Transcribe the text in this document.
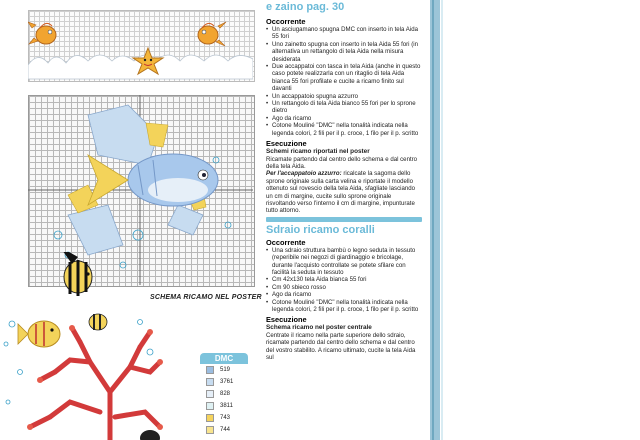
SCHEMA RICAMO NEL POSTER
DMC
519
3761
828
3811
743
744
e zaino pag. 30
Occorrente
• Un asciugamano spugna DMC con inserto in tela Aida 55 fori
• Uno zainetto spugna con inserto in tela Aida 55 fori (in alternativa un rettangolo di tela Aida nella misura desiderata
• Due accappatoi con tasca in tela Aida (anche in questo caso potete realizzarla con un ritaglio di tela Aida bianca 55 fori profilate e cucite a ricamo finito sul davanti
• Un accappatoio spugna azzurro
• Un rettangolo di tela Aida bianco 55 fori per lo sprone dietro
• Ago da ricamo
• Cotone Mouliné "DMC" nella tonalità indicata nella legenda colori, 2 fili per il p. croce, 1 filo per il p. scritto
Esecuzione

Schemi ricamo riportati nel poster

Ricamate partendo dal centro dello schema e dal centro della tela Aida.

Per l'accappatoio azzurro: ricalcate la sagoma dello sprone originale sulla carta velina e riportate il modello ottenuto sul rovescio della tela Aida, sfagliate lasciando un cm di margine, cucite sullo sprone originale risvoltando verso l'interno il cm di margine, impunturate tutto attorno.

Sdraio ricamo coralli
Occorrente
• Una sdraio struttura bambù o legno seduta in tessuto (reperibile nei negozi di giardinaggio e bricolage, durante l'acquisto controllate se potete sfilare con facilità la seduta in tessuto
• Cm 42x130 tela Aida bianca 55 fori
• Cm 90 sbieco rosso
• Ago da ricamo
• Cotone Mouliné "DMC" nella tonalità indicata nella legenda colori, 2 fili per il p. croce, 1 filo per il p. scritto
Esecuzione

Schema ricamo nel poster centrale

Centrate il ricamo nella parte superiore dello sdraio, ricamate partendo dal centro dello schema e dal centro del vostro stabilito. A ricamo ultimato, cucite la tela Aida sul
